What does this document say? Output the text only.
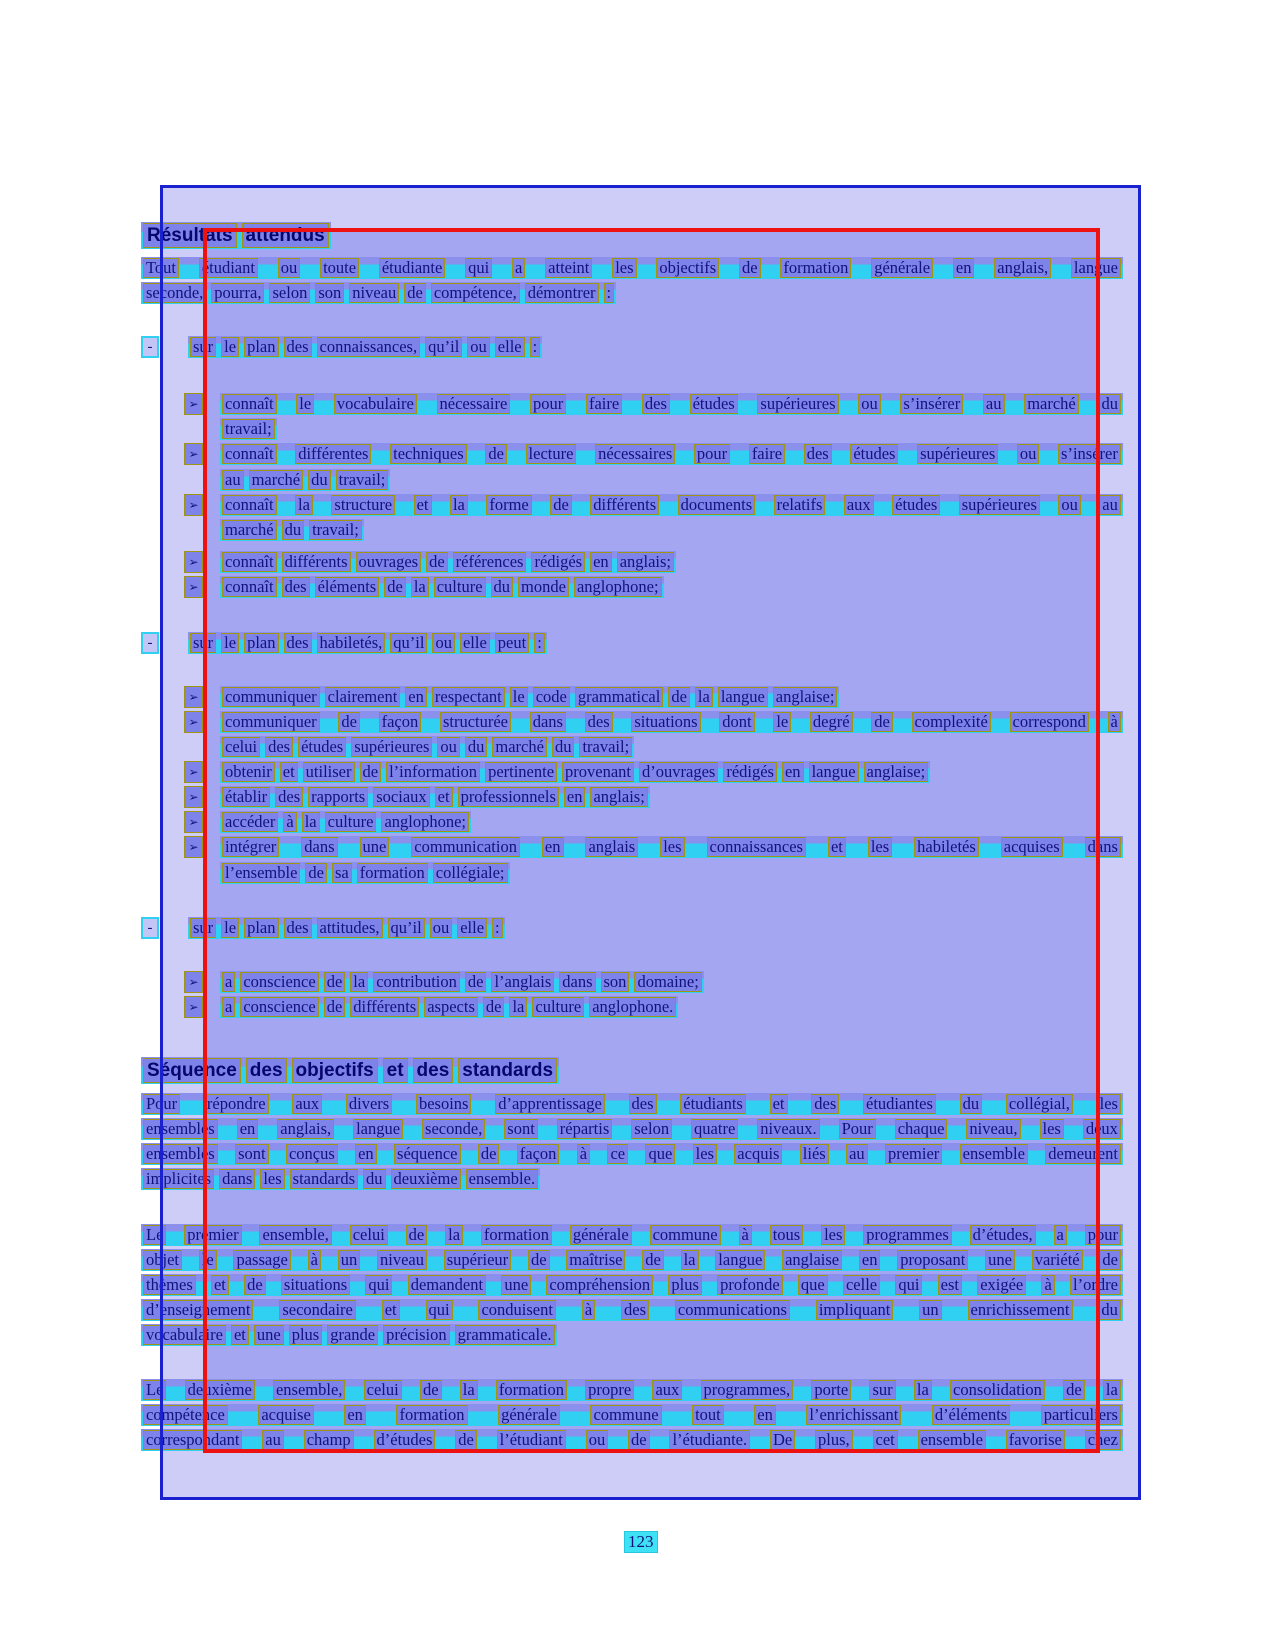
Résultats attendus
Tout étudiant ou toute étudiante qui a atteint les objectifs de formation générale en anglais, langue
seconde, pourra, selon son niveau de compétence, démontrer :
sur le plan des connaissances, qu’il ou elle :
-
connaît le vocabulaire nécessaire pour faire des études supérieures ou s’insérer au marché du
➢
travail;
connaît différentes techniques de lecture nécessaires pour faire des études supérieures ou s’insérer
➢
au marché du travail;
connaît la structure et la forme de différents documents relatifs aux études supérieures ou au
➢
marché du travail;
connaît différents ouvrages de références rédigés en anglais;
➢
connaît des éléments de la culture du monde anglophone;
➢
sur le plan des habiletés, qu’il ou elle peut :
-
communiquer clairement en respectant le code grammatical de la langue anglaise;
➢
communiquer de façon structurée dans des situations dont le degré de complexité correspond à
➢
celui des études supérieures ou du marché du travail;
obtenir et utiliser de l’information pertinente provenant d’ouvrages rédigés en langue anglaise;
➢
établir des rapports sociaux et professionnels en anglais;
➢
accéder à la culture anglophone;
➢
intégrer dans une communication en anglais les connaissances et les habiletés acquises dans
➢
l’ensemble de sa formation collégiale;
sur le plan des attitudes, qu’il ou elle :
-
a conscience de la contribution de l’anglais dans son domaine;
➢
a conscience de différents aspects de la culture anglophone.
➢
Séquence des objectifs et des standards
Pour répondre aux divers besoins d’apprentissage des étudiants et des étudiantes du collégial, les
ensembles en anglais, langue seconde, sont répartis selon quatre niveaux. Pour chaque niveau, les deux
ensembles sont conçus en séquence de façon à ce que les acquis liés au premier ensemble demeurent
implicites dans les standards du deuxième ensemble.
Le premier ensemble, celui de la formation générale commune à tous les programmes d’études, a pour
objet le passage à un niveau supérieur de maîtrise de la langue anglaise en proposant une variété de
thèmes et de situations qui demandent une compréhension plus profonde que celle qui est exigée à l’ordre
d’enseignement secondaire et qui conduisent à des communications impliquant un enrichissement du
vocabulaire et une plus grande précision grammaticale.
Le deuxième ensemble, celui de la formation propre aux programmes, porte sur la consolidation de la
compétence acquise en formation générale commune tout en l’enrichissant d’éléments particuliers
correspondant au champ d’études de l’étudiant ou de l’étudiante. De plus, cet ensemble favorise chez
123
